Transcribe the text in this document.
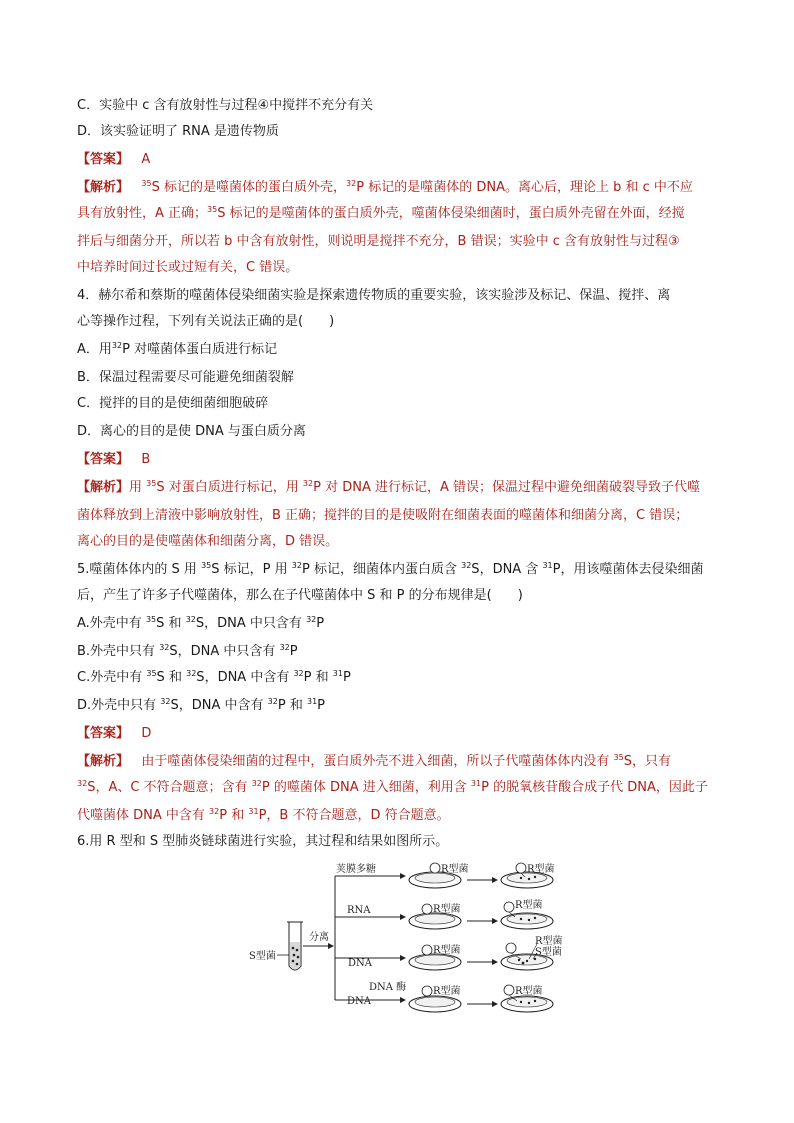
C．实验中 c 含有放射性与过程④中搅拌不充分有关
D．该实验证明了 RNA 是遗传物质
【答案】 A
【解析】 $^{35}$S 标记的是噬菌体的蛋白质外壳，$^{32}$P 标记的是噬菌体的 DNA。离心后，理论上 b 和 c 中不应
具有放射性，A 正确；$^{35}$S 标记的是噬菌体的蛋白质外壳，噬菌体侵染细菌时，蛋白质外壳留在外面，经搅
拌后与细菌分开，所以若 b 中含有放射性，则说明是搅拌不充分，B 错误；实验中 c 含有放射性与过程③
中培养时间过长或过短有关，C 错误。
4．赫尔希和蔡斯的噬菌体侵染细菌实验是探索遗传物质的重要实验，该实验涉及标记、保温、搅拌、离
心等操作过程，下列有关说法正确的是(　　)
A．用$^{32}$P 对噬菌体蛋白质进行标记
B．保温过程需要尽可能避免细菌裂解
C．搅拌的目的是使细菌细胞破碎
D．离心的目的是使 DNA 与蛋白质分离
【答案】 B
【解析】用 $^{35}$S 对蛋白质进行标记，用 $^{32}$P 对 DNA 进行标记，A 错误；保温过程中避免细菌破裂导致子代噬
菌体释放到上清液中影响放射性，B 正确；搅拌的目的是使吸附在细菌表面的噬菌体和细菌分离，C 错误；
离心的目的是使噬菌体和细菌分离，D 错误。
5.噬菌体体内的 S 用 $^{35}$S 标记，P 用 $^{32}$P 标记，细菌体内蛋白质含 $^{32}$S，DNA 含 $^{31}$P，用该噬菌体去侵染细菌
后，产生了许多子代噬菌体，那么在子代噬菌体中 S 和 P 的分布规律是(　　)
A.外壳中有 $^{35}$S 和 $^{32}$S，DNA 中只含有 $^{32}$P
B.外壳中只有 $^{32}$S，DNA 中只含有 $^{32}$P
C.外壳中有 $^{35}$S 和 $^{32}$S，DNA 中含有 $^{32}$P 和 $^{31}$P
D.外壳中只有 $^{32}$S，DNA 中含有 $^{32}$P 和 $^{31}$P
【答案】 D
【解析】 由于噬菌体侵染细菌的过程中，蛋白质外壳不进入细菌，所以子代噬菌体体内没有 $^{35}$S，只有
$^{32}$S，A、C 不符合题意；含有 $^{32}$P 的噬菌体 DNA 进入细菌，利用含 $^{31}$P 的脱氧核苷酸合成子代 DNA，因此子
代噬菌体 DNA 中含有 $^{32}$P 和 $^{31}$P，B 不符合题意，D 符合题意。
6.用 R 型和 S 型肺炎链球菌进行实验，其过程和结果如图所示。
S型菌
分离
荚膜多糖
RNA
DNA
DNA
DNA 酶
R型菌	R型菌
R型菌	R型菌
R型菌
R型菌
S型菌
R型菌	R型菌
